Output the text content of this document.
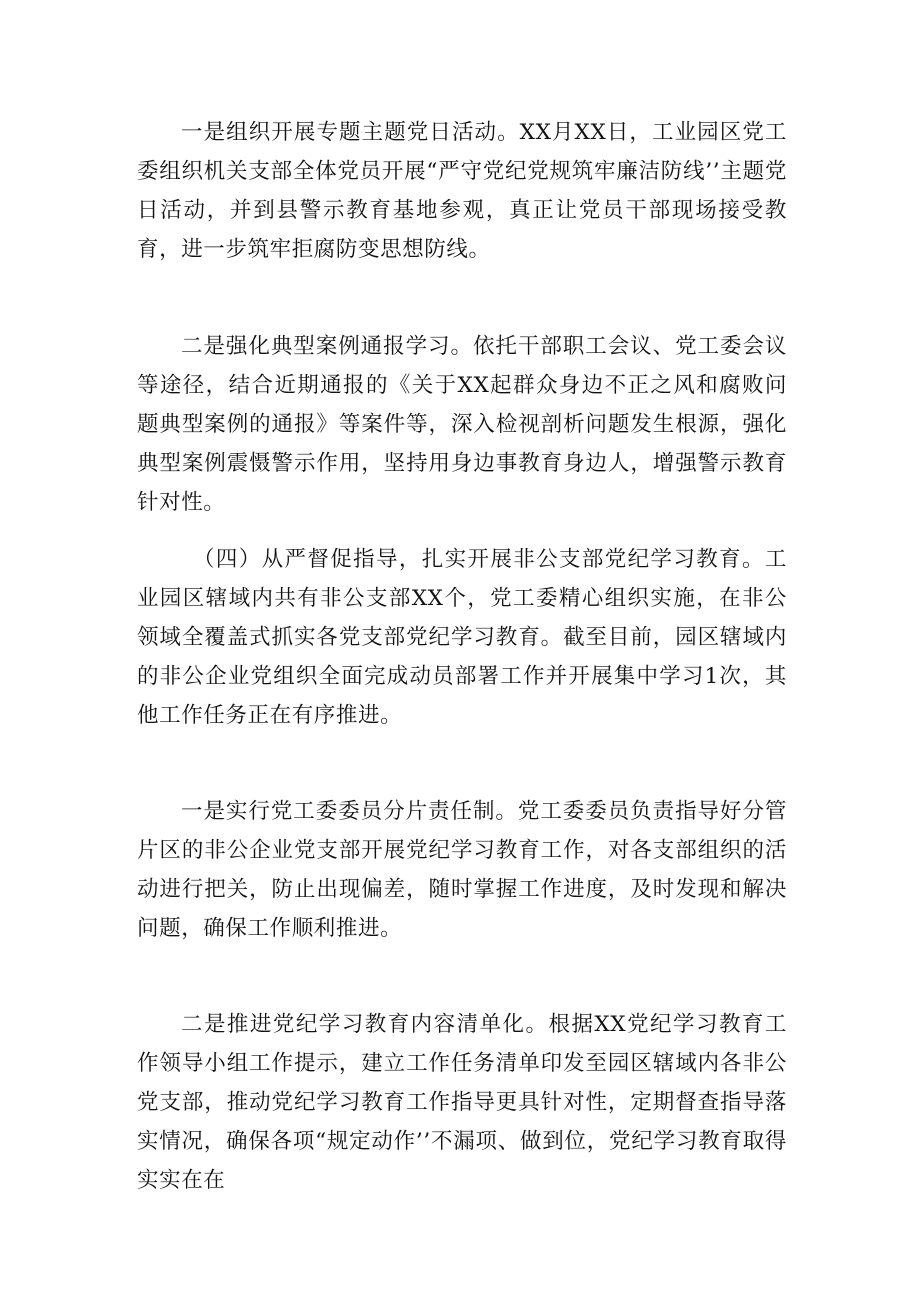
一是组织开展专题主题党日活动。XX月XX日，工业园区党工委组织机关支部全体党员开展“严守党纪党规筑牢廉洁防线’’主题党日活动，并到县警示教育基地参观，真正让党员干部现场接受教育，进一步筑牢拒腐防变思想防线。

二是强化典型案例通报学习。依托干部职工会议、党工委会议等途径，结合近期通报的《关于XX起群众身边不正之风和腐败问题典型案例的通报》等案件等，深入检视剖析问题发生根源，强化典型案例震慑警示作用，坚持用身边事教育身边人，增强警示教育针对性。

（四）从严督促指导，扎实开展非公支部党纪学习教育。工业园区辖域内共有非公支部XX个，党工委精心组织实施，在非公领域全覆盖式抓实各党支部党纪学习教育。截至目前，园区辖域内的非公企业党组织全面完成动员部署工作并开展集中学习1次，其他工作任务正在有序推进。

一是实行党工委委员分片责任制。党工委委员负责指导好分管片区的非公企业党支部开展党纪学习教育工作，对各支部组织的活动进行把关，防止出现偏差，随时掌握工作进度，及时发现和解决问题，确保工作顺利推进。

二是推进党纪学习教育内容清单化。根据XX党纪学习教育工作领导小组工作提示，建立工作任务清单印发至园区辖域内各非公党支部，推动党纪学习教育工作指导更具针对性，定期督查指导落实情况，确保各项“规定动作’’不漏项、做到位，党纪学习教育取得实实在在
